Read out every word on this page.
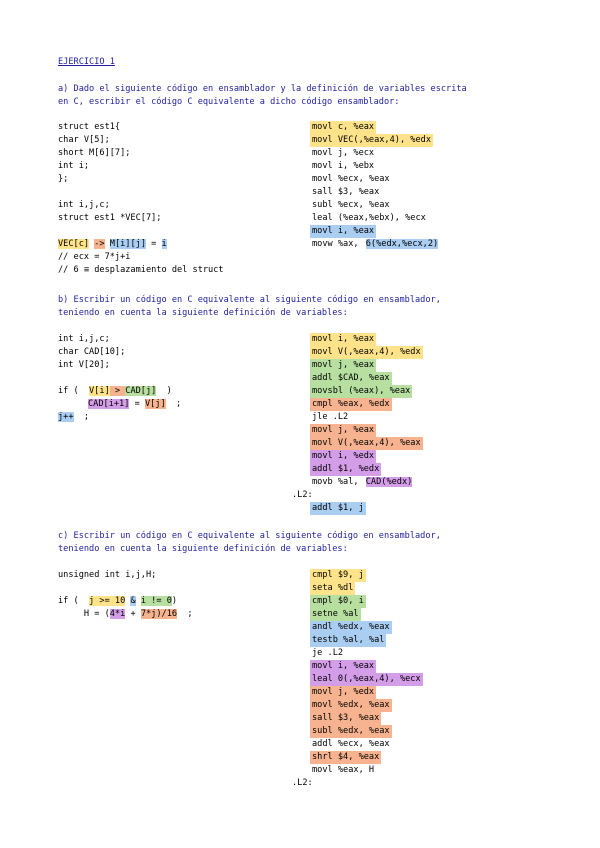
EJERCICIO 1
a) Dado el siguiente código en ensamblador y la definición de variables escrita
en C, escribir el código C equivalente a dicho código ensamblador:
struct est1{
char V[5];
short M[6][7];
int i;
};
int i,j,c;
struct est1 *VEC[7];
VEC[c] -> M[i][j] = i
// ecx = 7*j+i
// 6 ≡ desplazamiento del struct
movl c, %eax
movl VEC(,%eax,4), %edx
movl j, %ecx
movl i, %ebx
movl %ecx, %eax
sall $3, %eax
subl %ecx, %eax
leal (%eax,%ebx), %ecx
movl i, %eax
movw %ax, 6(%edx,%ecx,2)
b) Escribir un código en C equivalente al siguiente código en ensamblador,
teniendo en cuenta la siguiente definición de variables:
int i,j,c;
char CAD[10];
int V[20];
if (  V[i] > CAD[j]  )
CAD[i+1] = V[j]  ;
j++  ;
movl i, %eax
movl V(,%eax,4), %edx
movl j, %eax
addl $CAD, %eax
movsbl (%eax), %eax
cmpl %eax, %edx
jle .L2
movl j, %eax
movl V(,%eax,4), %eax
movl i, %edx
addl $1, %edx
movb %al, CAD(%edx)
.L2:
addl $1, j
c) Escribir un código en C equivalente al siguiente código en ensamblador,
teniendo en cuenta la siguiente definición de variables:
unsigned int i,j,H;
if (  j >= 10 & i != 0)
H = (4*i + 7*j)/16  ;
cmpl $9, j
seta %dl
cmpl $0, i
setne %al
andl %edx, %eax
testb %al, %al
je .L2
movl i, %eax
leal 0(,%eax,4), %ecx
movl j, %edx
movl %edx, %eax
sall $3, %eax
subl %edx, %eax
addl %ecx, %eax
shrl $4, %eax
movl %eax, H
.L2:
